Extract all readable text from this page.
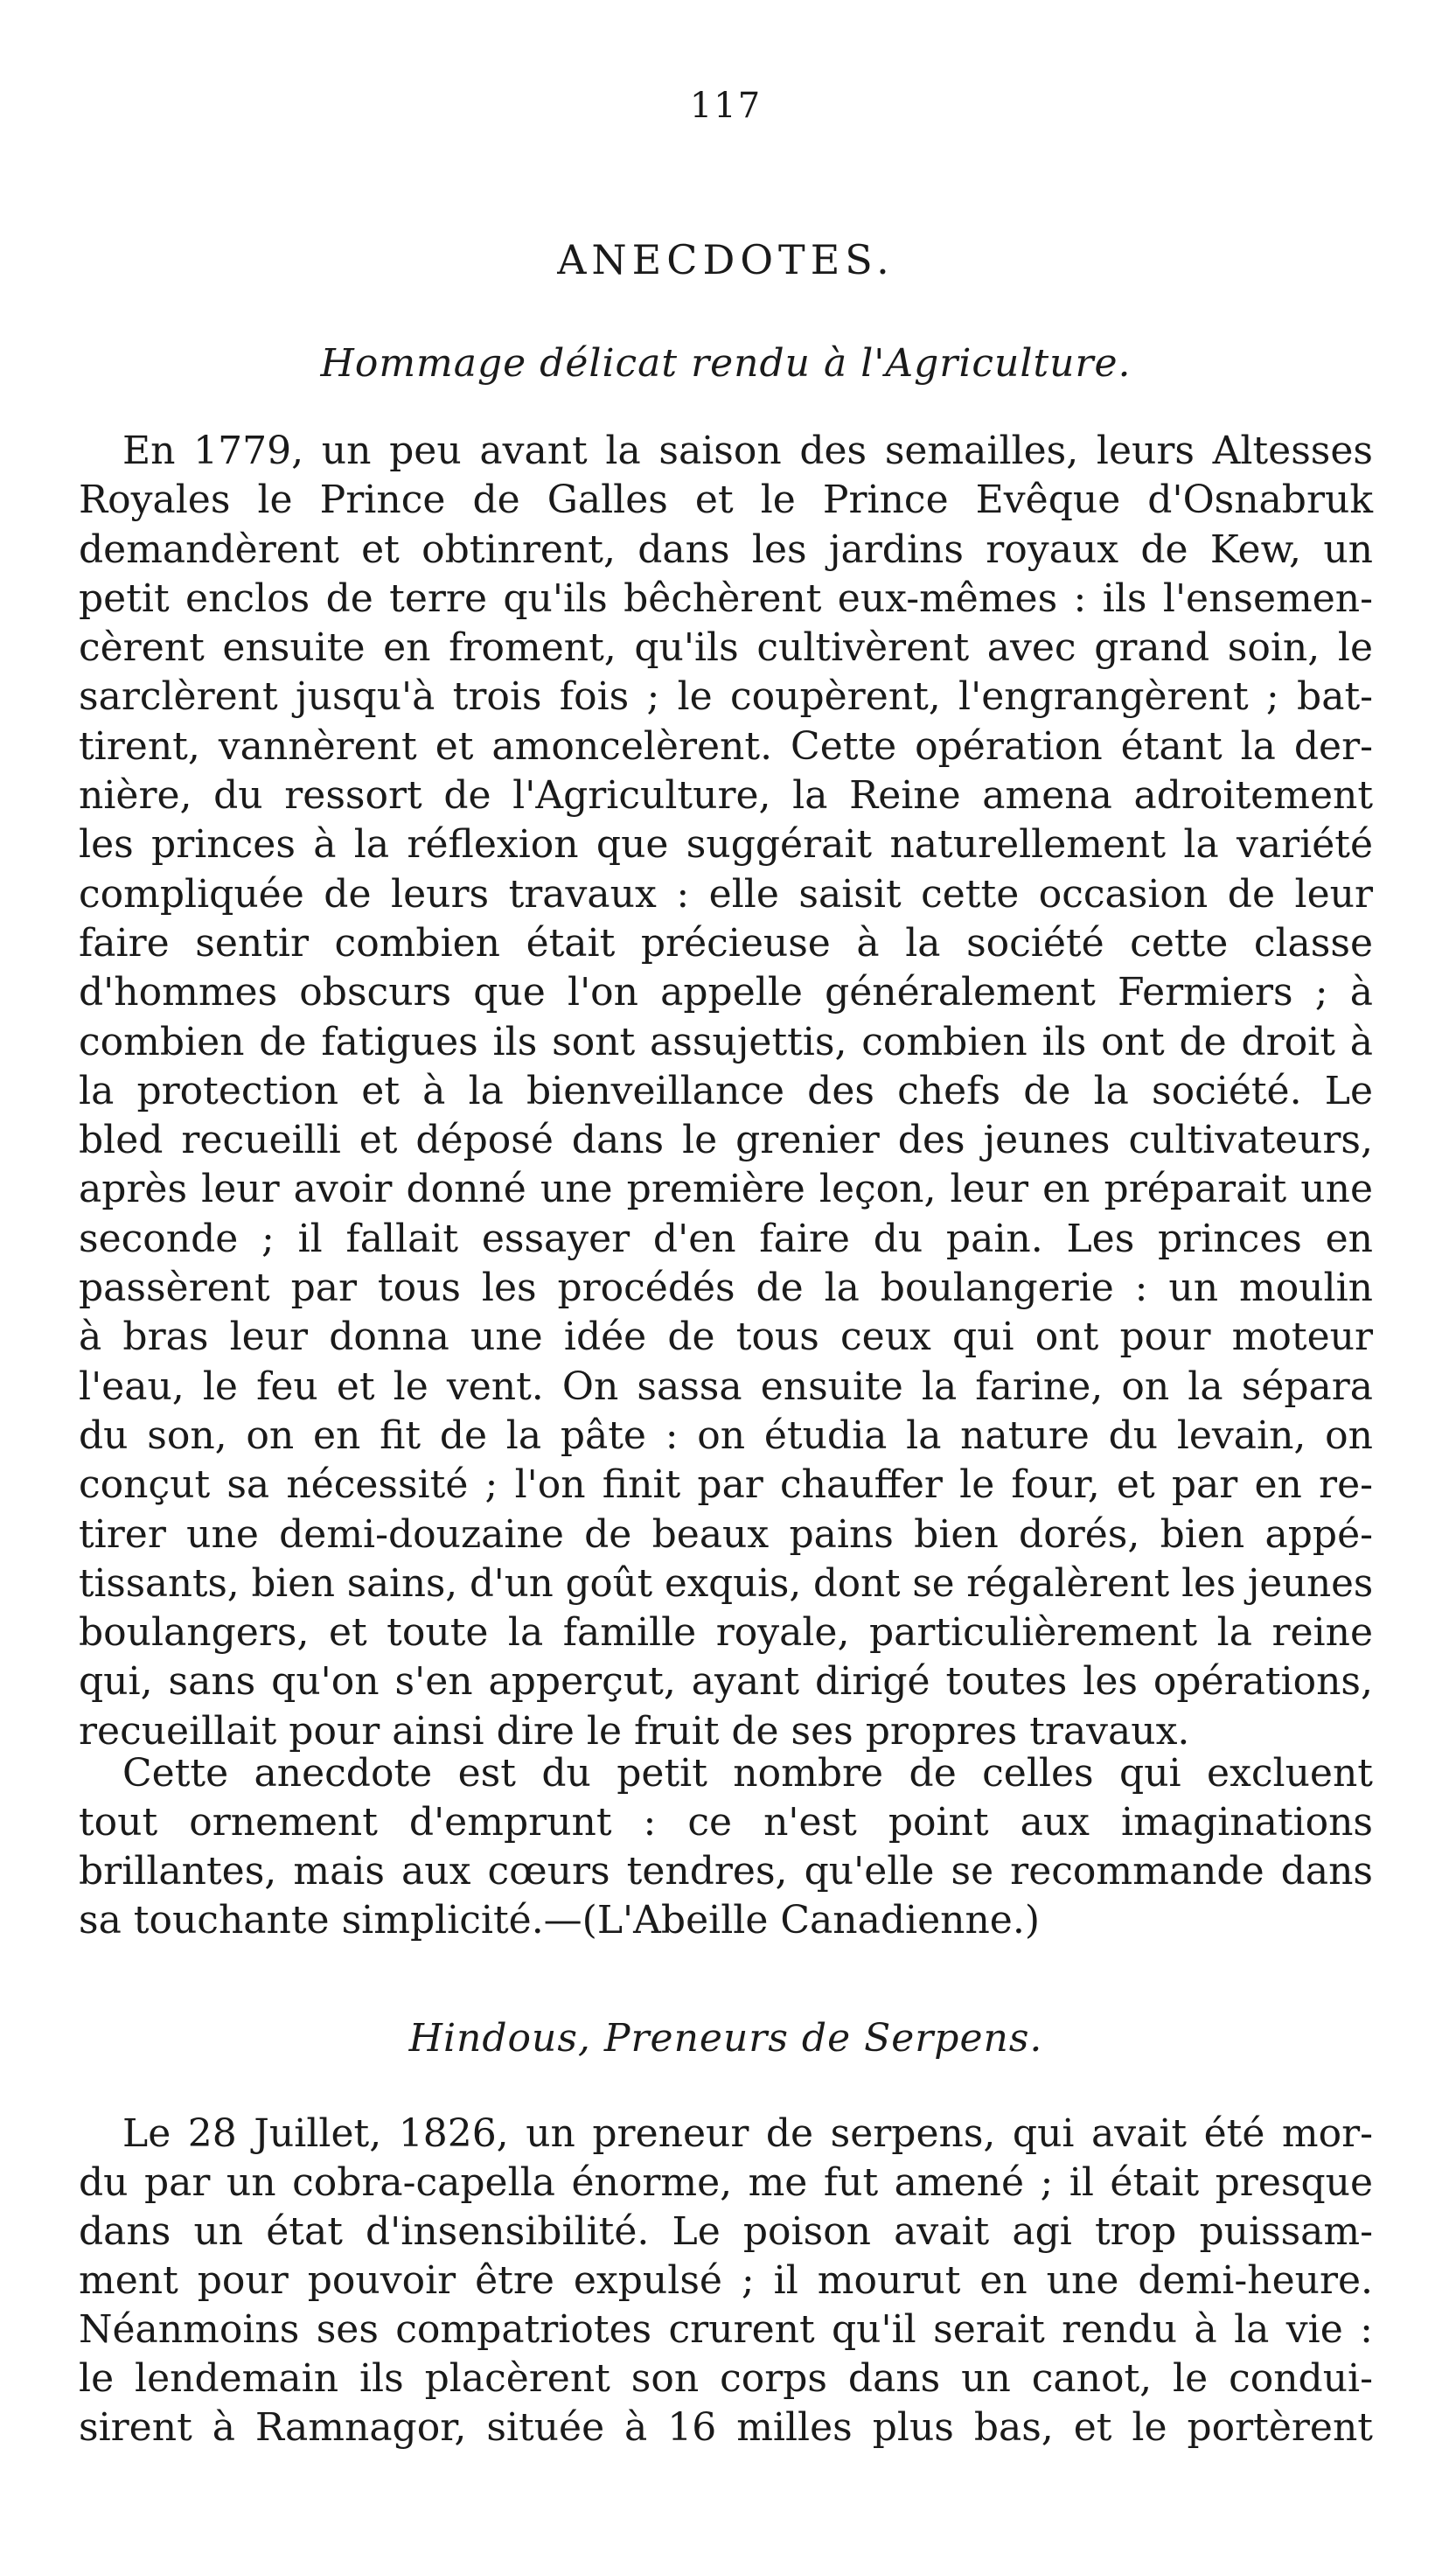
117
ANECDOTES.
Hommage délicat rendu à l'Agriculture.
En 1779, un peu avant la saison des semailles, leurs Altesses
Royales le Prince de Galles et le Prince Evêque d'Osnabruk
demandèrent et obtinrent, dans les jardins royaux de Kew, un
petit enclos de terre qu'ils bêchèrent eux-mêmes : ils l'ensemen-
cèrent ensuite en froment, qu'ils cultivèrent avec grand soin, le
sarclèrent jusqu'à trois fois ; le coupèrent, l'engrangèrent ; bat-
tirent, vannèrent et amoncelèrent. Cette opération étant la der-
nière, du ressort de l'Agriculture, la Reine amena adroitement
les princes à la réflexion que suggérait naturellement la variété
compliquée de leurs travaux : elle saisit cette occasion de leur
faire sentir combien était précieuse à la société cette classe
d'hommes obscurs que l'on appelle généralement Fermiers ; à
combien de fatigues ils sont assujettis, combien ils ont de droit à
la protection et à la bienveillance des chefs de la société. Le
bled recueilli et déposé dans le grenier des jeunes cultivateurs,
après leur avoir donné une première leçon, leur en préparait une
seconde ; il fallait essayer d'en faire du pain. Les princes en
passèrent par tous les procédés de la boulangerie : un moulin
à bras leur donna une idée de tous ceux qui ont pour moteur
l'eau, le feu et le vent. On sassa ensuite la farine, on la sépara
du son, on en fit de la pâte : on étudia la nature du levain, on
conçut sa nécessité ; l'on finit par chauffer le four, et par en re-
tirer une demi-douzaine de beaux pains bien dorés, bien appé-
tissants, bien sains, d'un goût exquis, dont se régalèrent les jeunes
boulangers, et toute la famille royale, particulièrement la reine
qui, sans qu'on s'en apperçut, ayant dirigé toutes les opérations,
recueillait pour ainsi dire le fruit de ses propres travaux.
Cette anecdote est du petit nombre de celles qui excluent
tout ornement d'emprunt : ce n'est point aux imaginations
brillantes, mais aux cœurs tendres, qu'elle se recommande dans
sa touchante simplicité.—(L'Abeille Canadienne.)
Hindous, Preneurs de Serpens.
Le 28 Juillet, 1826, un preneur de serpens, qui avait été mor-
du par un cobra-capella énorme, me fut amené ; il était presque
dans un état d'insensibilité. Le poison avait agi trop puissam-
ment pour pouvoir être expulsé ; il mourut en une demi-heure.
Néanmoins ses compatriotes crurent qu'il serait rendu à la vie :
le lendemain ils placèrent son corps dans un canot, le condui-
sirent à Ramnagor, située à 16 milles plus bas, et le portèrent
